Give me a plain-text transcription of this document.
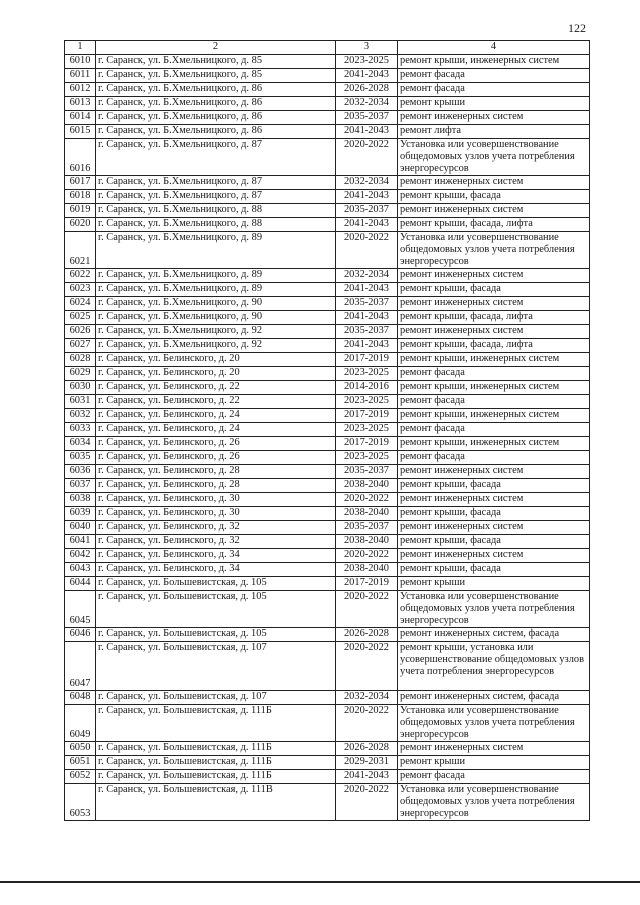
122
1	2	3	4
6010	г. Саранск, ул. Б.Хмельницкого, д. 85	2023-2025	ремонт крыши, инженерных систем
6011	г. Саранск, ул. Б.Хмельницкого, д. 85	2041-2043	ремонт фасада
6012	г. Саранск, ул. Б.Хмельницкого, д. 86	2026-2028	ремонт фасада
6013	г. Саранск, ул. Б.Хмельницкого, д. 86	2032-2034	ремонт крыши
6014	г. Саранск, ул. Б.Хмельницкого, д. 86	2035-2037	ремонт инженерных систем
6015	г. Саранск, ул. Б.Хмельницкого, д. 86	2041-2043	ремонт лифта
6016	г. Саранск, ул. Б.Хмельницкого, д. 87	2020-2022	Установка или усовершенствование общедомовых узлов учета потребления энергоресурсов
6017	г. Саранск, ул. Б.Хмельницкого, д. 87	2032-2034	ремонт инженерных систем
6018	г. Саранск, ул. Б.Хмельницкого, д. 87	2041-2043	ремонт крыши, фасада
6019	г. Саранск, ул. Б.Хмельницкого, д. 88	2035-2037	ремонт инженерных систем
6020	г. Саранск, ул. Б.Хмельницкого, д. 88	2041-2043	ремонт крыши, фасада, лифта
6021	г. Саранск, ул. Б.Хмельницкого, д. 89	2020-2022	Установка или усовершенствование общедомовых узлов учета потребления энергоресурсов
6022	г. Саранск, ул. Б.Хмельницкого, д. 89	2032-2034	ремонт инженерных систем
6023	г. Саранск, ул. Б.Хмельницкого, д. 89	2041-2043	ремонт крыши, фасада
6024	г. Саранск, ул. Б.Хмельницкого, д. 90	2035-2037	ремонт инженерных систем
6025	г. Саранск, ул. Б.Хмельницкого, д. 90	2041-2043	ремонт крыши, фасада, лифта
6026	г. Саранск, ул. Б.Хмельницкого, д. 92	2035-2037	ремонт инженерных систем
6027	г. Саранск, ул. Б.Хмельницкого, д. 92	2041-2043	ремонт крыши, фасада, лифта
6028	г. Саранск, ул. Белинского, д. 20	2017-2019	ремонт крыши, инженерных систем
6029	г. Саранск, ул. Белинского, д. 20	2023-2025	ремонт фасада
6030	г. Саранск, ул. Белинского, д. 22	2014-2016	ремонт крыши, инженерных систем
6031	г. Саранск, ул. Белинского, д. 22	2023-2025	ремонт фасада
6032	г. Саранск, ул. Белинского, д. 24	2017-2019	ремонт крыши, инженерных систем
6033	г. Саранск, ул. Белинского, д. 24	2023-2025	ремонт фасада
6034	г. Саранск, ул. Белинского, д. 26	2017-2019	ремонт крыши, инженерных систем
6035	г. Саранск, ул. Белинского, д. 26	2023-2025	ремонт фасада
6036	г. Саранск, ул. Белинского, д. 28	2035-2037	ремонт инженерных систем
6037	г. Саранск, ул. Белинского, д. 28	2038-2040	ремонт крыши, фасада
6038	г. Саранск, ул. Белинского, д. 30	2020-2022	ремонт инженерных систем
6039	г. Саранск, ул. Белинского, д. 30	2038-2040	ремонт крыши, фасада
6040	г. Саранск, ул. Белинского, д. 32	2035-2037	ремонт инженерных систем
6041	г. Саранск, ул. Белинского, д. 32	2038-2040	ремонт крыши, фасада
6042	г. Саранск, ул. Белинского, д. 34	2020-2022	ремонт инженерных систем
6043	г. Саранск, ул. Белинского, д. 34	2038-2040	ремонт крыши, фасада
6044	г. Саранск, ул. Большевистская, д. 105	2017-2019	ремонт крыши
6045	г. Саранск, ул. Большевистская, д. 105	2020-2022	Установка или усовершенствование общедомовых узлов учета потребления энергоресурсов
6046	г. Саранск, ул. Большевистская, д. 105	2026-2028	ремонт инженерных систем, фасада
6047	г. Саранск, ул. Большевистская, д. 107	2020-2022	ремонт крыши, установка или усовершенствование общедомовых узлов учета потребления энергоресурсов
6048	г. Саранск, ул. Большевистская, д. 107	2032-2034	ремонт инженерных систем, фасада
6049	г. Саранск, ул. Большевистская, д. 111Б	2020-2022	Установка или усовершенствование общедомовых узлов учета потребления энергоресурсов
6050	г. Саранск, ул. Большевистская, д. 111Б	2026-2028	ремонт инженерных систем
6051	г. Саранск, ул. Большевистская, д. 111Б	2029-2031	ремонт крыши
6052	г. Саранск, ул. Большевистская, д. 111Б	2041-2043	ремонт фасада
6053	г. Саранск, ул. Большевистская, д. 111В	2020-2022	Установка или усовершенствование общедомовых узлов учета потребления энергоресурсов
